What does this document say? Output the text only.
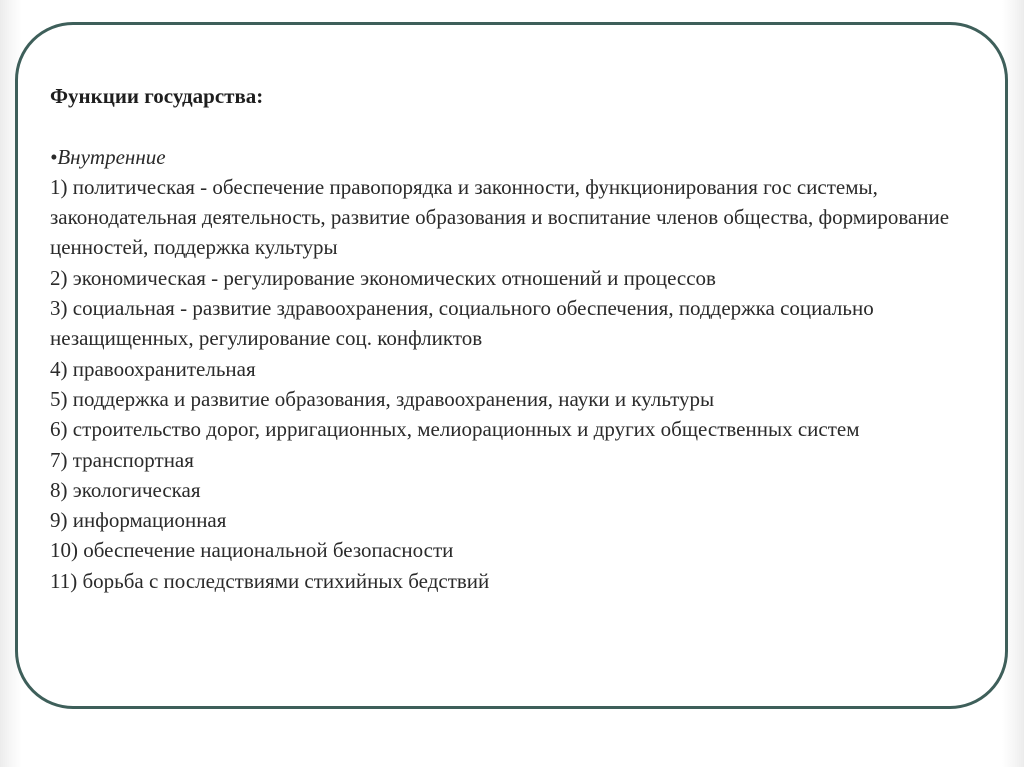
Функции государства:

•Внутренние

1) политическая - обеспечение правопорядка и законности, функционирования гос системы, законодательная деятельность, развитие образования и воспитание членов общества, формирование ценностей, поддержка культуры

2) экономическая - регулирование экономических отношений и процессов

3) социальная - развитие здравоохранения, социального обеспечения, поддержка социально незащищенных, регулирование соц. конфликтов

4) правоохранительная

5) поддержка и развитие образования, здравоохранения, науки и культуры

6) строительство дорог, ирригационных, мелиорационных и других общественных систем

7) транспортная

8) экологическая

9) информационная

10) обеспечение национальной безопасности

11) борьба с последствиями стихийных бедствий
